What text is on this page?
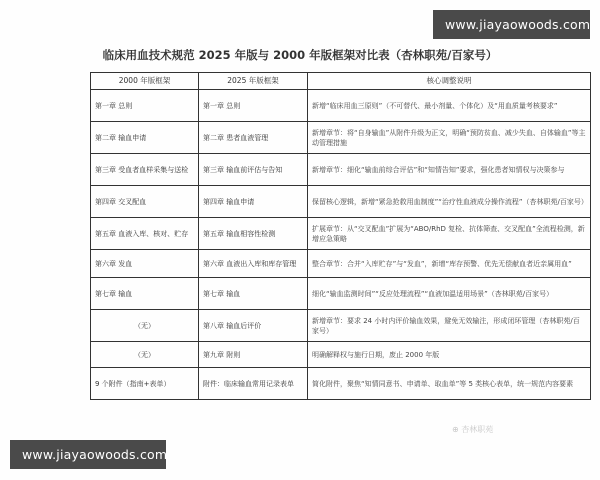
临床用血技术规范 2025 年版与 2000 年版框架对比表（杏林职苑/百家号）
2000 年版框架	2025 年版框架	核心调整说明
第一章 总则	第一章 总则	新增“临床用血三原则”（不可替代、最小剂量、个体化）及“用血质量考核要求”
第二章 输血申请	第二章 患者血液管理	新增章节：将“自身输血”从附件升级为正文，明确“预防贫血、减少失血、自体输血”等主动管理措施
第三章 受血者血样采集与送检	第三章 输血前评估与告知	新增章节：细化“输血前综合评估”和“知情告知”要求，强化患者知情权与决策参与
第四章 交叉配血	第四章 输血申请	保留核心逻辑，新增“紧急抢救用血制度”“治疗性血液成分操作流程”（杏林职苑/百家号）
第五章 血液入库、核对、贮存	第五章 输血相容性检测	扩展章节：从“交叉配血”扩展为“ABO/RhD 复检、抗体筛查、交叉配血”全流程检测，新增应急策略
第六章 发血	第六章 血液出入库和库存管理	整合章节：合并“入库贮存”与“发血”，新增“库存预警、优先无偿献血者近亲属用血”
第七章 输血	第七章 输血	细化“输血监测时间”“反应处理流程”“血液加温适用场景”（杏林职苑/百家号）
（无）	第八章 输血后评价	新增章节：要求 24 小时内评价输血效果，避免无效输注，形成闭环管理（杏林职苑/百家号）
（无）	第九章 附则	明确解释权与施行日期，废止 2000 年版
9 个附件（指南+表单）	附件：临床输血常用记录表单	简化附件，聚焦“知情同意书、申请单、取血单”等 5 类核心表单，统一规范内容要素
⊕ 杏林职苑
www.jiayaowoods.com
www.jiayaowoods.com
